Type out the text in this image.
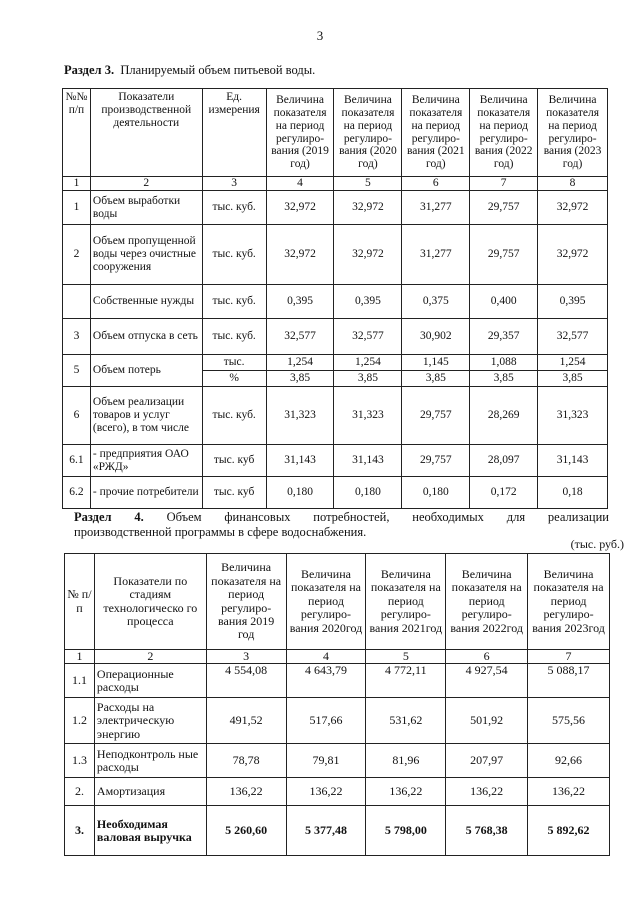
3
Раздел 3. Планируемый объем питьевой воды.
№№ п/п	Показатели производственной деятельности	Ед. измерения	Величина показателя на период регулиро-вания (2019 год)	Величина показателя на период регулиро-вания (2020 год)	Величина показателя на период регулиро-вания (2021 год)	Величина показателя на период регулиро-вания (2022 год)	Величина показателя на период регулиро-вания (2023 год)
1	2	3	4	5	6	7	8
1	Объем выработки воды	тыс. куб.	32,972	32,972	31,277	29,757	32,972
2	Объем пропущенной воды через очистные сооружения	тыс. куб.	32,972	32,972	31,277	29,757	32,972
	Собственные нужды	тыс. куб.	0,395	0,395	0,375	0,400	0,395
3	Объем отпуска в сеть	тыс. куб.	32,577	32,577	30,902	29,357	32,577
5	Объем потерь	тыс.	1,254	1,254	1,145	1,088	1,254
		%	3,85	3,85	3,85	3,85	3,85
6	Объем реализации товаров и услуг (всего), в том числе	тыс. куб.	31,323	31,323	29,757	28,269	31,323
6.1	- предприятия ОАО «РЖД»	тыс. куб	31,143	31,143	29,757	28,097	31,143
6.2	- прочие потребители	тыс. куб	0,180	0,180	0,180	0,172	0,18
Раздел 4. Объем финансовых потребностей, необходимых для реализации
производственной программы в сфере водоснабжения.
(тыс. руб.)
№ п/ п	Показатели по стадиям технологическо го процесса	Величина показателя на период регулиро-вания 2019 год	Величина показателя на период регулиро-вания 2020год	Величина показателя на период регулиро-вания 2021год	Величина показателя на период регулиро-вания 2022год	Величина показателя на период регулиро-вания 2023год
1	2	3	4	5	6	7
1.1	Операционные расходы	4 554,08	4 643,79	4 772,11	4 927,54	5 088,17
1.2	Расходы на электрическую энергию	491,52	517,66	531,62	501,92	575,56
1.3	Неподконтроль ные расходы	78,78	79,81	81,96	207,97	92,66
2.	Амортизация	136,22	136,22	136,22	136,22	136,22
3.	Необходимая валовая выручка	5 260,60	5 377,48	5 798,00	5 768,38	5 892,62
